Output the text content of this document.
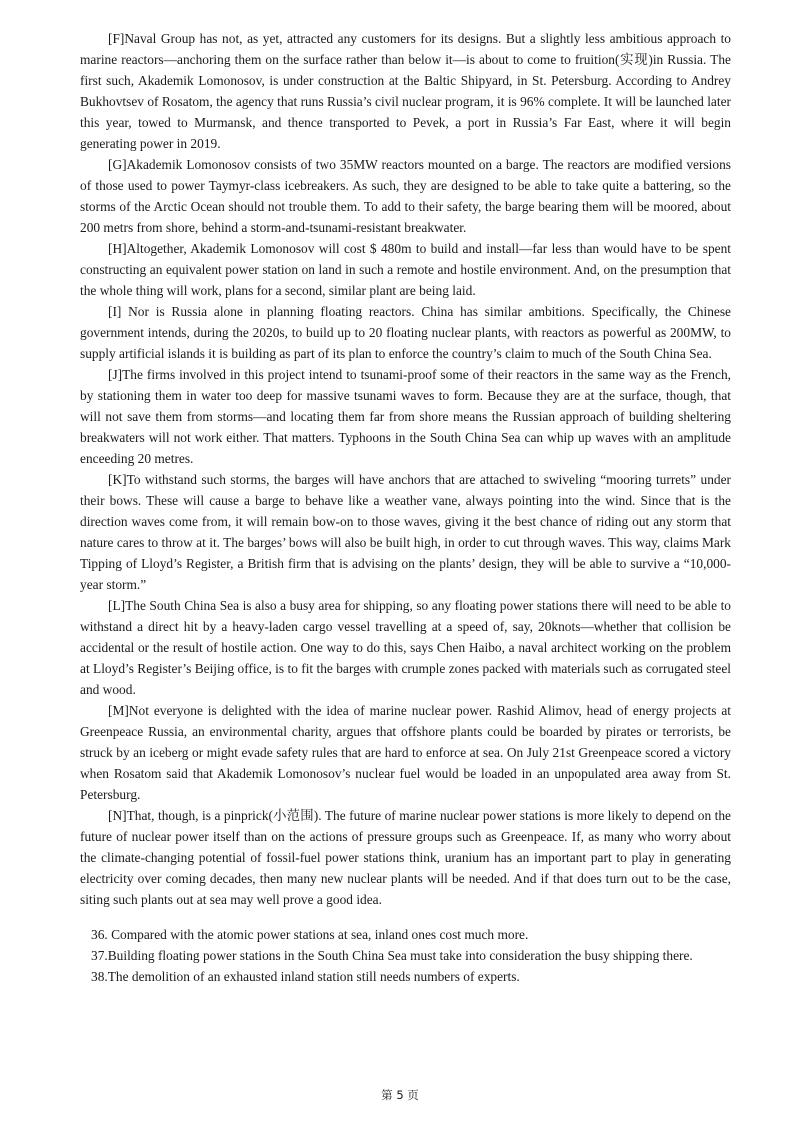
[F]Naval Group has not, as yet, attracted any customers for its designs. But a slightly less ambitious approach to marine reactors—anchoring them on the surface rather than below it—is about to come to fruition(实现)in Russia. The first such, Akademik Lomonosov, is under construction at the Baltic Shipyard, in St. Petersburg. According to Andrey Bukhovtsev of Rosatom, the agency that runs Russia’s civil nuclear program, it is 96% complete. It will be launched later this year, towed to Murmansk, and thence transported to Pevek, a port in Russia’s Far East, where it will begin generating power in 2019.

[G]Akademik Lomonosov consists of two 35MW reactors mounted on a barge. The reactors are modified versions of those used to power Taymyr-class icebreakers. As such, they are designed to be able to take quite a battering, so the storms of the Arctic Ocean should not trouble them. To add to their safety, the barge bearing them will be moored, about 200 metrs from shore, behind a storm-and-tsunami-resistant breakwater.

[H]Altogether, Akademik Lomonosov will cost $ 480m to build and install—far less than would have to be spent constructing an equivalent power station on land in such a remote and hostile environment. And, on the presumption that the whole thing will work, plans for a second, similar plant are being laid.

[I] Nor is Russia alone in planning floating reactors. China has similar ambitions. Specifically, the Chinese government intends, during the 2020s, to build up to 20 floating nuclear plants, with reactors as powerful as 200MW, to supply artificial islands it is building as part of its plan to enforce the country’s claim to much of the South China Sea.

[J]The firms involved in this project intend to tsunami-proof some of their reactors in the same way as the French, by stationing them in water too deep for massive tsunami waves to form. Because they are at the surface, though, that will not save them from storms—and locating them far from shore means the Russian approach of building sheltering breakwaters will not work either. That matters. Typhoons in the South China Sea can whip up waves with an amplitude enceeding 20 metres.

[K]To withstand such storms, the barges will have anchors that are attached to swiveling “mooring turrets” under their bows. These will cause a barge to behave like a weather vane, always pointing into the wind. Since that is the direction waves come from, it will remain bow-on to those waves, giving it the best chance of riding out any storm that nature cares to throw at it. The barges’ bows will also be built high, in order to cut through waves. This way, claims Mark Tipping of Lloyd’s Register, a British firm that is advising on the plants’ design, they will be able to survive a “10,000-year storm.”

[L]The South China Sea is also a busy area for shipping, so any floating power stations there will need to be able to withstand a direct hit by a heavy-laden cargo vessel travelling at a speed of, say, 20knots—whether that collision be accidental or the result of hostile action. One way to do this, says Chen Haibo, a naval architect working on the problem at Lloyd’s Register’s Beijing office, is to fit the barges with crumple zones packed with materials such as corrugated steel and wood.

[M]Not everyone is delighted with the idea of marine nuclear power. Rashid Alimov, head of energy projects at Greenpeace Russia, an environmental charity, argues that offshore plants could be boarded by pirates or terrorists, be struck by an iceberg or might evade safety rules that are hard to enforce at sea. On July 21st Greenpeace scored a victory when Rosatom said that Akademik Lomonosov’s nuclear fuel would be loaded in an unpopulated area away from St. Petersburg.

[N]That, though, is a pinprick(小范围). The future of marine nuclear power stations is more likely to depend on the future of nuclear power itself than on the actions of pressure groups such as Greenpeace. If, as many who worry about the climate-changing potential of fossil-fuel power stations think, uranium has an important part to play in generating electricity over coming decades, then many new nuclear plants will be needed. And if that does turn out to be the case, siting such plants out at sea may well prove a good idea.

36. Compared with the atomic power stations at sea, inland ones cost much more.

37.Building floating power stations in the South China Sea must take into consideration the busy shipping there.

38.The demolition of an exhausted inland station still needs numbers of experts.

第 5 页
